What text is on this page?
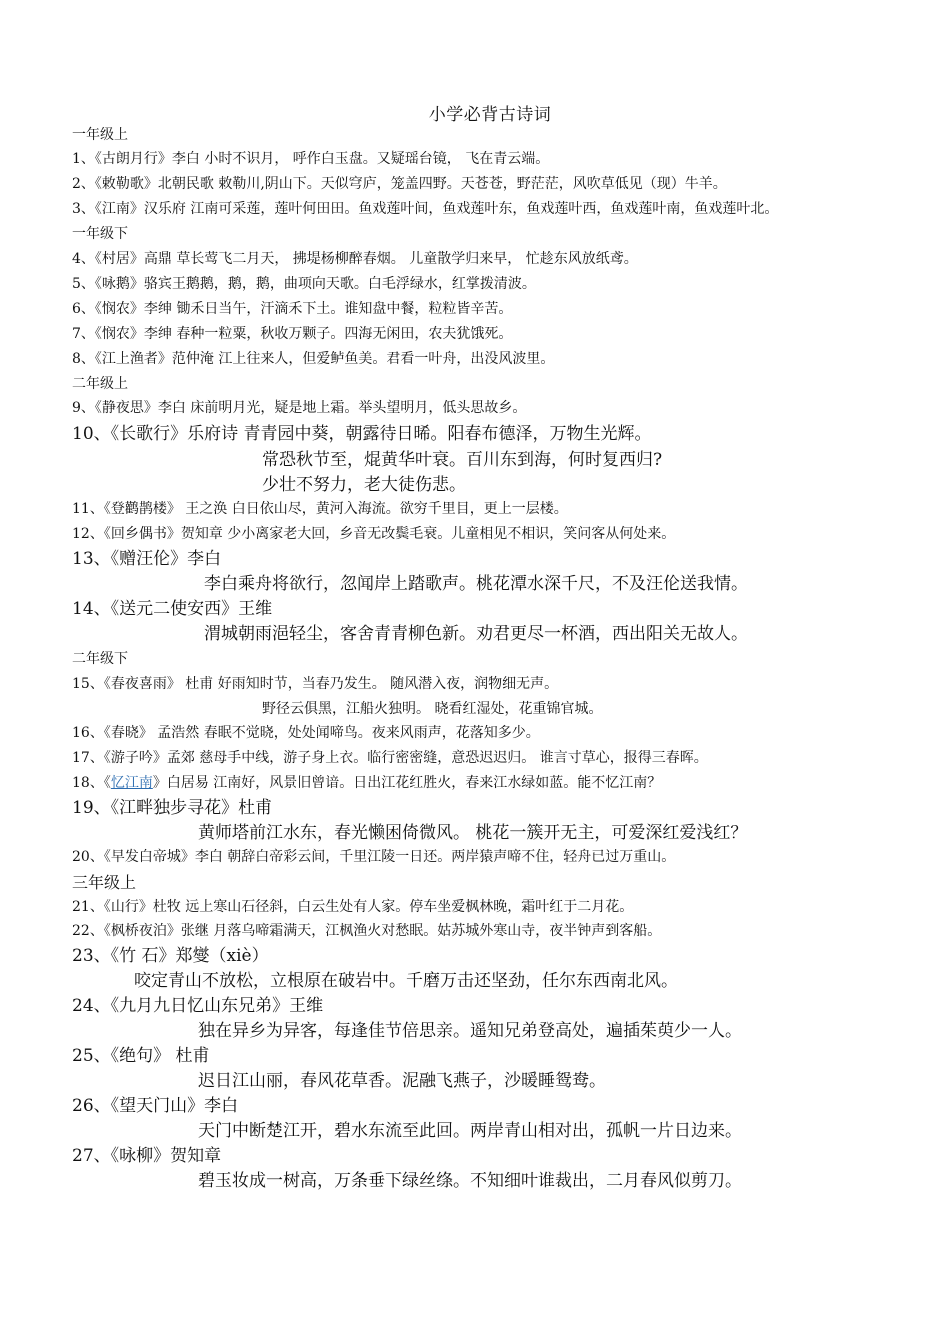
小学必背古诗词
一年级上
1、《古朗月行》李白 小时不识月， 呼作白玉盘。又疑瑶台镜， 飞在青云端。
2、《敕勒歌》北朝民歌 敕勒川,阴山下。天似穹庐，笼盖四野。天苍苍，野茫茫，风吹草低见（现）牛羊。
3、《江南》汉乐府 江南可采莲，莲叶何田田。鱼戏莲叶间，鱼戏莲叶东，鱼戏莲叶西，鱼戏莲叶南，鱼戏莲叶北。
一年级下
4、《村居》高鼎 草长莺飞二月天， 拂堤杨柳醉春烟。 儿童散学归来早， 忙趁东风放纸鸢。
5、《咏鹅》骆宾王鹅鹅，鹅，鹅，曲项向天歌。白毛浮绿水，红掌拨清波。
6、《悯农》李绅 锄禾日当午，汗滴禾下土。谁知盘中餐，粒粒皆辛苦。
7、《悯农》李绅 春种一粒粟，秋收万颗子。四海无闲田，农夫犹饿死。
8、《江上渔者》范仲淹 江上往来人，但爱鲈鱼美。君看一叶舟，出没风波里。
二年级上
9、《静夜思》李白 床前明月光，疑是地上霜。举头望明月，低头思故乡。
10、《长歌行》乐府诗 青青园中葵，朝露待日晞。阳春布德泽，万物生光辉。
常恐秋节至，焜黄华叶衰。百川东到海，何时复西归?
少壮不努力，老大徒伤悲。
11、《登鹳鹊楼》 王之涣 白日依山尽，黄河入海流。欲穷千里目，更上一层楼。
12、《回乡偶书》贺知章 少小离家老大回，乡音无改鬓毛衰。儿童相见不相识，笑问客从何处来。
13、《赠汪伦》李白
李白乘舟将欲行，忽闻岸上踏歌声。桃花潭水深千尺，不及汪伦送我情。
14、《送元二使安西》王维
渭城朝雨浥轻尘，客舍青青柳色新。劝君更尽一杯酒，西出阳关无故人。
二年级下
15、《春夜喜雨》 杜甫 好雨知时节，当春乃发生。 随风潜入夜，润物细无声。
野径云俱黑，江船火独明。 晓看红湿处，花重锦官城。
16、《春晓》 孟浩然 春眠不觉晓，处处闻啼鸟。夜来风雨声，花落知多少。
17、《游子吟》孟郊 慈母手中线，游子身上衣。临行密密缝，意恐迟迟归。 谁言寸草心，报得三春晖。
18、《忆江南》白居易 江南好，风景旧曾谙。日出江花红胜火，春来江水绿如蓝。能不忆江南？
19、《江畔独步寻花》杜甫
黄师塔前江水东，春光懒困倚微风。 桃花一簇开无主，可爱深红爱浅红？
20、《早发白帝城》李白 朝辞白帝彩云间，千里江陵一日还。两岸猿声啼不住，轻舟已过万重山。
三年级上
21、《山行》杜牧 远上寒山石径斜，白云生处有人家。停车坐爱枫林晚，霜叶红于二月花。
22、《枫桥夜泊》张继 月落乌啼霜满天，江枫渔火对愁眠。姑苏城外寒山寺，夜半钟声到客船。
23、《竹 石》郑燮（xiè）
咬定青山不放松，立根原在破岩中。千磨万击还坚劲，任尔东西南北风。
24、《九月九日忆山东兄弟》王维
独在异乡为异客，每逢佳节倍思亲。遥知兄弟登高处，遍插茱萸少一人。
25、《绝句》 杜甫
迟日江山丽，春风花草香。泥融飞燕子，沙暖睡鸳鸯。
26、《望天门山》李白
天门中断楚江开，碧水东流至此回。两岸青山相对出，孤帆一片日边来。
27、《咏柳》贺知章
碧玉妆成一树高，万条垂下绿丝绦。不知细叶谁裁出，二月春风似剪刀。
